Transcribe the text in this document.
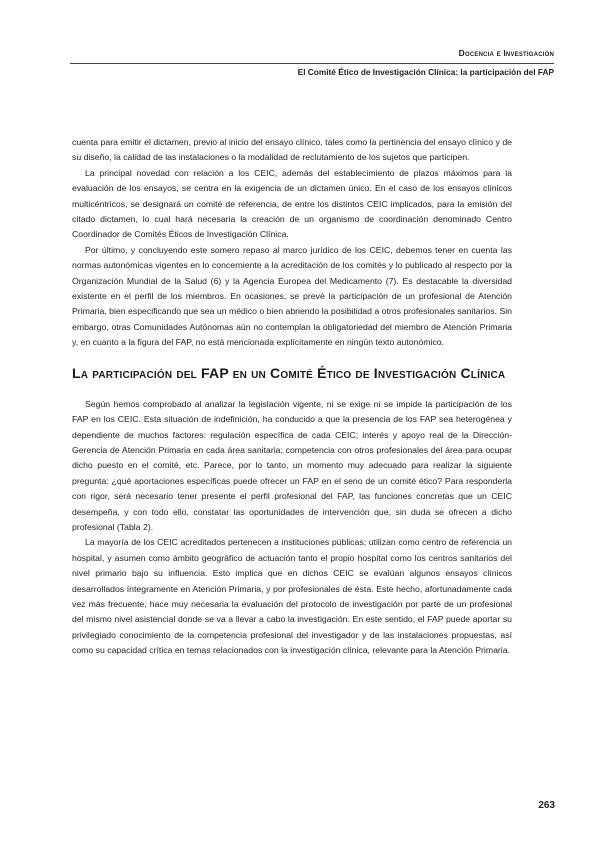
Docencia e Investigación
El Comité Ético de Investigación Clínica: la participación del FAP

cuenta para emitir el dictamen, previo al inicio del ensayo clínico, tales como la pertinencia del ensayo clínico y de su diseño, la calidad de las instalaciones o la modalidad de reclutamiento de los sujetos que participen.

La principal novedad con relación a los CEIC, además del establecimiento de plazos máximos para la evaluación de los ensayos, se centra en la exigencia de un dictamen único. En el caso de los ensayos clínicos multicéntricos, se designará un comité de referencia, de entre los distintos CEIC implicados, para la emisión del citado dictamen, lo cual hará necesaria la creación de un organismo de coordinación denominado Centro Coordinador de Comités Éticos de Investigación Clínica.

Por último, y concluyendo este somero repaso al marco jurídico de los CEIC, debemos tener en cuenta las normas autonómicas vigentes en lo concerniente a la acreditación de los comités y lo publicado al respecto por la Organización Mundial de la Salud (6) y la Agencia Europea del Medicamento (7). Es destacable la diversidad existente en el perfil de los miembros. En ocasiones, se prevé la participación de un profesional de Atención Primaria, bien especificando que sea un médico o bien abriendo la posibilidad a otros profesionales sanitarios. Sin embargo, otras Comunidades Autónomas aún no contemplan la obligatoriedad del miembro de Atención Primaria y, en cuanto a la figura del FAP, no está mencionada explícitamente en ningún texto autonómico.

La participación del FAP en un Comité Ético de Investigación Clínica

Según hemos comprobado al analizar la legislación vigente, ni se exige ni se impide la participación de los FAP en los CEIC. Esta situación de indefinición, ha conducido a que la presencia de los FAP sea heterogénea y dependiente de muchos factores: regulación específica de cada CEIC; interés y apoyo real de la Dirección-Gerencia de Atención Primaria en cada área sanitaria; competencia con otros profesionales del área para ocupar dicho puesto en el comité, etc. Parece, por lo tanto, un momento muy adecuado para realizar la siguiente pregunta: ¿qué aportaciones específicas puede ofrecer un FAP en el seno de un comité ético? Para responderla con rigor, será necesario tener presente el perfil profesional del FAP, las funciones concretas que un CEIC desempeña, y con todo ello, constatar las oportunidades de intervención que, sin duda se ofrecen a dicho profesional (Tabla 2).

La mayoría de los CEIC acreditados pertenecen a instituciones públicas; utilizan como centro de referencia un hospital, y asumen como ámbito geográfico de actuación tanto el propio hospital como los centros sanitarios del nivel primario bajo su influencia. Esto implica que en dichos CEIC se evalúan algunos ensayos clínicos desarrollados íntegramente en Atención Primaria, y por profesionales de ésta. Este hecho, afortunadamente cada vez más frecuente, hace muy necesaria la evaluación del protocolo de investigación por parte de un profesional del mismo nivel asistencial donde se va a llevar a cabo la investigación. En este sentido, el FAP puede aportar su privilegiado conocimiento de la competencia profesional del investigador y de las instalaciones propuestas, así como su capacidad crítica en temas relacionados con la investigación clínica, relevante para la Atención Primaria.

263
